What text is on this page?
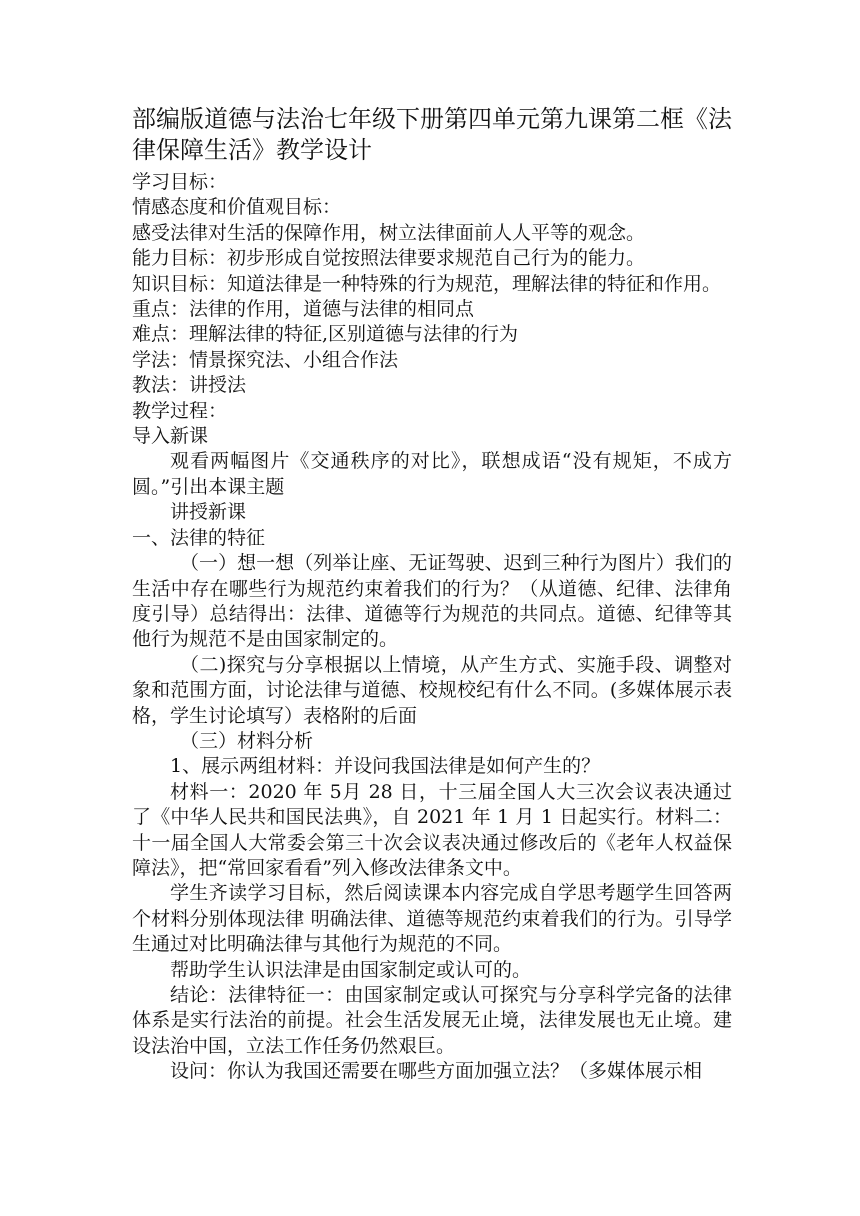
部编版道德与法治七年级下册第四单元第九课第二框《法律保障生活》教学设计

学习目标：

情感态度和价值观目标：

感受法律对生活的保障作用，树立法律面前人人平等的观念。

能力目标：初步形成自觉按照法律要求规范自己行为的能力。

知识目标：知道法律是一种特殊的行为规范，理解法律的特征和作用。

重点：法律的作用，道德与法律的相同点

难点：理解法律的特征,区别道德与法律的行为

学法：情景探究法、小组合作法

教法：讲授法

教学过程：

导入新课

观看两幅图片《交通秩序的对比》，联想成语“没有规矩，不成方圆。”引出本课主题

讲授新课

一、法律的特征

（一）想一想（列举让座、无证驾驶、迟到三种行为图片）我们的生活中存在哪些行为规范约束着我们的行为？（从道德、纪律、法律角度引导）总结得出：法律、道德等行为规范的共同点。道德、纪律等其他行为规范不是由国家制定的。

（二)探究与分享根据以上情境，从产生方式、实施手段、调整对象和范围方面，讨论法律与道德、校规校纪有什么不同。(多媒体展示表格，学生讨论填写）表格附的后面

（三）材料分析

1、展示两组材料：并设问我国法律是如何产生的？

材料一：2020 年 5月 28 日，十三届全国人大三次会议表决通过了《中华人民共和国民法典》，自 2021 年 1 月 1 日起实行。材料二：十一届全国人大常委会第三十次会议表决通过修改后的《老年人权益保障法》，把“常回家看看”列入修改法律条文中。

学生齐读学习目标，然后阅读课本内容完成自学思考题学生回答两个材料分别体现法律 明确法律、道德等规范约束着我们的行为。引导学生通过对比明确法律与其他行为规范的不同。

帮助学生认识法津是由国家制定或认可的。

结论：法律特征一：由国家制定或认可探究与分享科学完备的法律体系是实行法治的前提。社会生活发展无止境，法律发展也无止境。建设法治中国，立法工作任务仍然艰巨。

设问：你认为我国还需要在哪些方面加强立法？（多媒体展示相
